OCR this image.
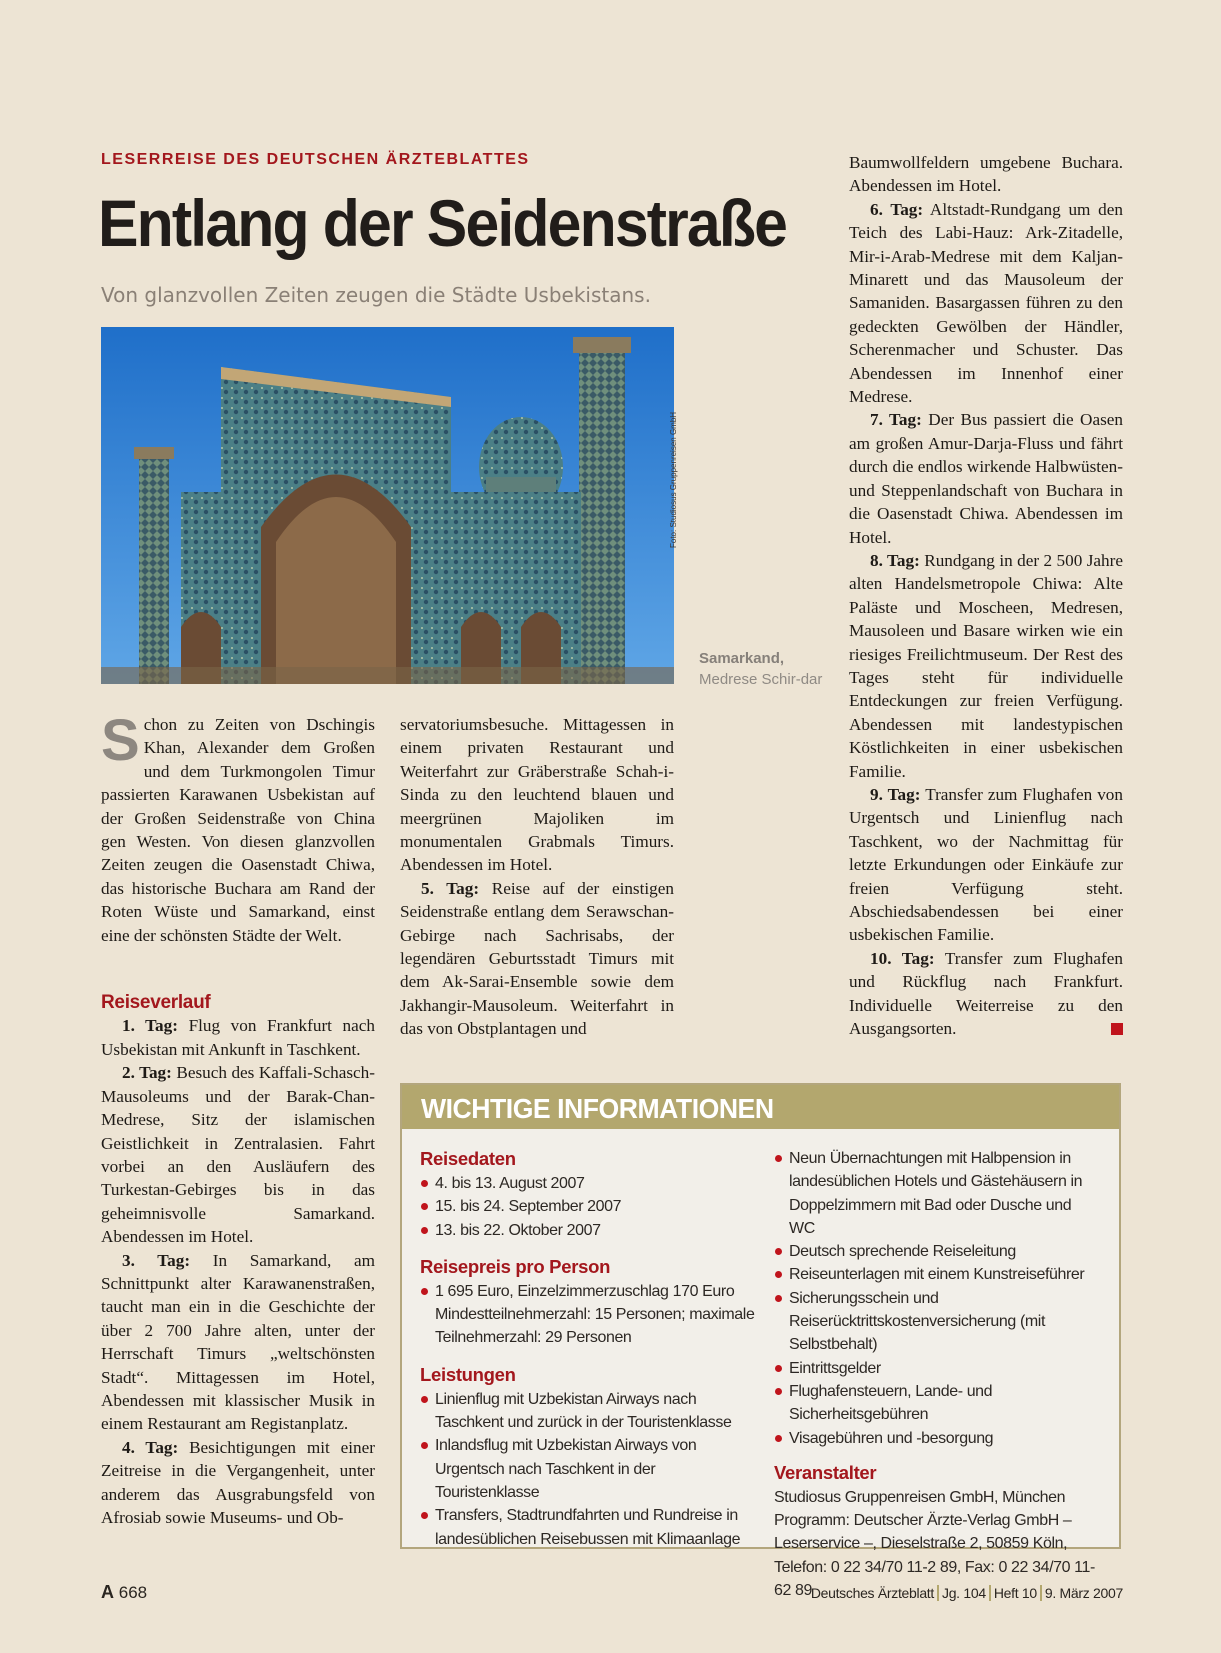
LESERREISE DES DEUTSCHEN ÄRZTEBLATTES
Entlang der Seidenstraße
Von glanzvollen Zeiten zeugen die Städte Usbekistans.
Foto: Studiosus Gruppenreisen GmbH
Samarkand,
Medrese Schir-dar

Schon zu Zeiten von Dschingis Khan, Alexander dem Großen und dem Turkmongolen Timur passierten Karawanen Usbekistan auf der Großen Seidenstraße von China gen Westen. Von diesen glanzvollen Zeiten zeugen die Oasenstadt Chiwa, das historische Buchara am Rand der Roten Wüste und Samarkand, einst eine der schönsten Städte der Welt.

Reiseverlauf

1. Tag: Flug von Frankfurt nach Usbekistan mit Ankunft in Taschkent.

2. Tag: Besuch des Kaffali-Schasch-Mausoleums und der Barak-Chan-Medrese, Sitz der islamischen Geistlichkeit in Zentralasien. Fahrt vorbei an den Ausläufern des Turkestan-Gebirges bis in das geheimnisvolle Samarkand. Abendessen im Hotel.

3. Tag: In Samarkand, am Schnittpunkt alter Karawanenstraßen, taucht man ein in die Geschichte der über 2 700 Jahre alten, unter der Herrschaft Timurs „weltschönsten Stadt“. Mittagessen im Hotel, Abendessen mit klassischer Musik in einem Restaurant am Registanplatz.

4. Tag: Besichtigungen mit einer Zeitreise in die Vergangenheit, unter anderem das Ausgrabungsfeld von Afrosiab sowie Museums- und Ob-

servatoriumsbesuche. Mittagessen in einem privaten Restaurant und Weiterfahrt zur Gräberstraße Schah-i-Sinda zu den leuchtend blauen und meergrünen Majoliken im monumentalen Grabmals Timurs. Abendessen im Hotel.

5. Tag: Reise auf der einstigen Seidenstraße entlang dem Serawschan-Gebirge nach Sachrisabs, der legendären Geburtsstadt Timurs mit dem Ak-Sarai-Ensemble sowie dem Jakhangir-Mausoleum. Weiterfahrt in das von Obstplantagen und

Baumwollfeldern umgebene Buchara. Abendessen im Hotel.

6. Tag: Altstadt-Rundgang um den Teich des Labi-Hauz: Ark-Zitadelle, Mir-i-Arab-Medrese mit dem Kaljan-Minarett und das Mausoleum der Samaniden. Basargassen führen zu den gedeckten Gewölben der Händler, Scherenmacher und Schuster. Das Abendessen im Innenhof einer Medrese.

7. Tag: Der Bus passiert die Oasen am großen Amur-Darja-Fluss und fährt durch die endlos wirkende Halbwüsten- und Steppenlandschaft von Buchara in die Oasenstadt Chiwa. Abendessen im Hotel.

8. Tag: Rundgang in der 2 500 Jahre alten Handelsmetropole Chiwa: Alte Paläste und Moscheen, Medresen, Mausoleen und Basare wirken wie ein riesiges Freilichtmuseum. Der Rest des Tages steht für individuelle Entdeckungen zur freien Verfügung. Abendessen mit landestypischen Köstlichkeiten in einer usbekischen Familie.

9. Tag: Transfer zum Flughafen von Urgentsch und Linienflug nach Taschkent, wo der Nachmittag für letzte Erkundungen oder Einkäufe zur freien Verfügung steht. Abschiedsabendessen bei einer usbekischen Familie.

10. Tag: Transfer zum Flughafen und Rückflug nach Frankfurt. Individuelle Weiterreise zu den Ausgangsorten.

WICHTIGE INFORMATIONEN
Reisedaten
4. bis 13. August 2007
15. bis 24. September 2007
13. bis 22. Oktober 2007
Reisepreis pro Person
1 695 Euro, Einzelzimmerzuschlag 170 Euro Mindestteilnehmerzahl: 15 Personen; maximale Teilnehmerzahl: 29 Personen
Leistungen
Linienflug mit Uzbekistan Airways nach Taschkent und zurück in der Touristenklasse
Inlandsflug mit Uzbekistan Airways von Urgentsch nach Taschkent in der Touristenklasse
Transfers, Stadtrundfahrten und Rundreise in landesüblichen Reisebussen mit Klimaanlage
Neun Übernachtungen mit Halbpension in landesüblichen Hotels und Gästehäusern in Doppelzimmern mit Bad oder Dusche und WC
Deutsch sprechende Reiseleitung
Reiseunterlagen mit einem Kunstreiseführer
Sicherungsschein und Reiserücktrittskostenversicherung (mit Selbstbehalt)
Eintrittsgelder
Flughafensteuern, Lande- und Sicherheitsgebühren
Visagebühren und -besorgung
Veranstalter

Studiosus Gruppenreisen GmbH, München

Programm: Deutscher Ärzte-Verlag GmbH – Leserservice –, Dieselstraße 2, 50859 Köln, Telefon: 0 22 34/70 11-2 89, Fax: 0 22 34/70 11-62 89

A 668	Deutsches Ärzteblatt Jg. 104 Heft 10 9. März 2007
